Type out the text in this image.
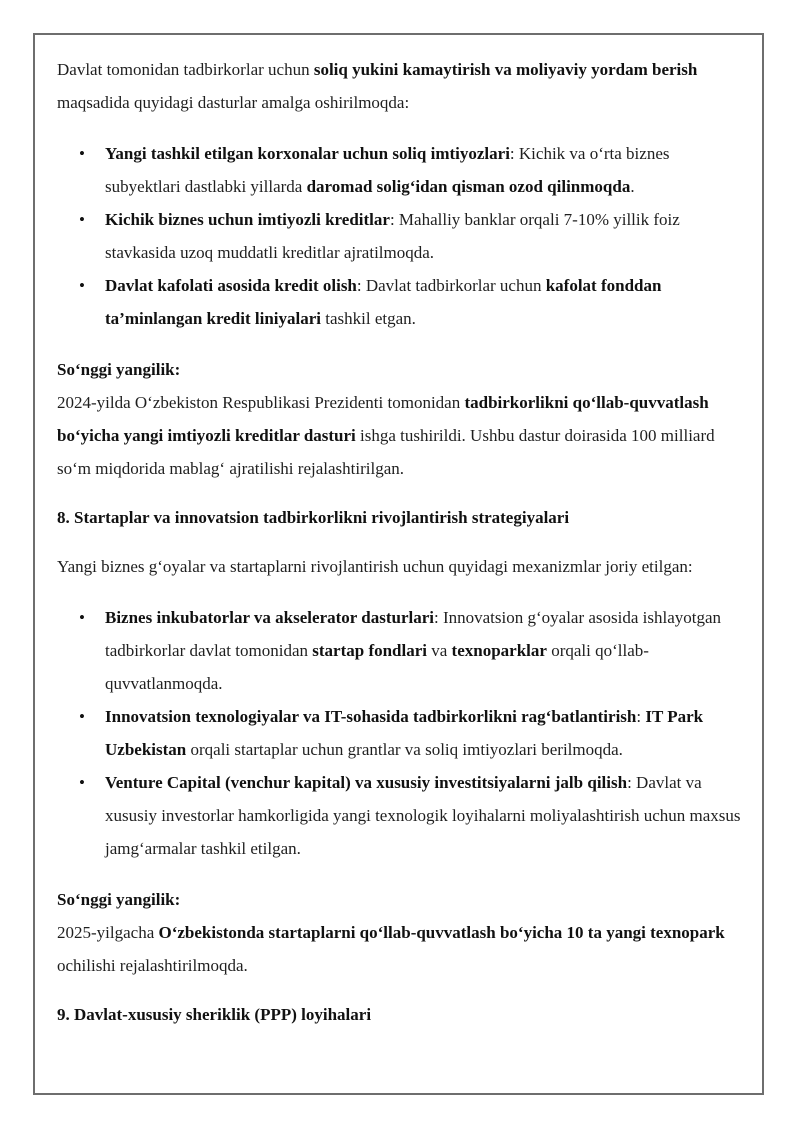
Davlat tomonidan tadbirkorlar uchun soliq yukini kamaytirish va moliyaviy yordam berish maqsadida quyidagi dasturlar amalga oshirilmoqda:

• Yangi tashkil etilgan korxonalar uchun soliq imtiyozlari: Kichik va o‘rta biznes subyektlari dastlabki yillarda daromad solig‘idan qisman ozod qilinmoqda.
• Kichik biznes uchun imtiyozli kreditlar: Mahalliy banklar orqali 7-10% yillik foiz stavkasida uzoq muddatli kreditlar ajratilmoqda.
• Davlat kafolati asosida kredit olish: Davlat tadbirkorlar uchun kafolat fonddan ta’minlangan kredit liniyalari tashkil etgan.

So‘nggi yangilik:

2024-yilda O‘zbekiston Respublikasi Prezidenti tomonidan tadbirkorlikni qo‘llab-quvvatlash bo‘yicha yangi imtiyozli kreditlar dasturi ishga tushirildi. Ushbu dastur doirasida 100 milliard so‘m miqdorida mablag‘ ajratilishi rejalashtirilgan.

8. Startaplar va innovatsion tadbirkorlikni rivojlantirish strategiyalari

Yangi biznes g‘oyalar va startaplarni rivojlantirish uchun quyidagi mexanizmlar joriy etilgan:

• Biznes inkubatorlar va akselerator dasturlari: Innovatsion g‘oyalar asosida ishlayotgan tadbirkorlar davlat tomonidan startap fondlari va texnoparklar orqali qo‘llab-quvvatlanmoqda.
• Innovatsion texnologiyalar va IT-sohasida tadbirkorlikni rag‘batlantirish: IT Park Uzbekistan orqali startaplar uchun grantlar va soliq imtiyozlari berilmoqda.
• Venture Capital (venchur kapital) va xususiy investitsiyalarni jalb qilish: Davlat va xususiy investorlar hamkorligida yangi texnologik loyihalarni moliyalashtirish uchun maxsus jamg‘armalar tashkil etilgan.

So‘nggi yangilik:

2025-yilgacha O‘zbekistonda startaplarni qo‘llab-quvvatlash bo‘yicha 10 ta yangi texnopark ochilishi rejalashtirilmoqda.

9. Davlat-xususiy sheriklik (PPP) loyihalari
